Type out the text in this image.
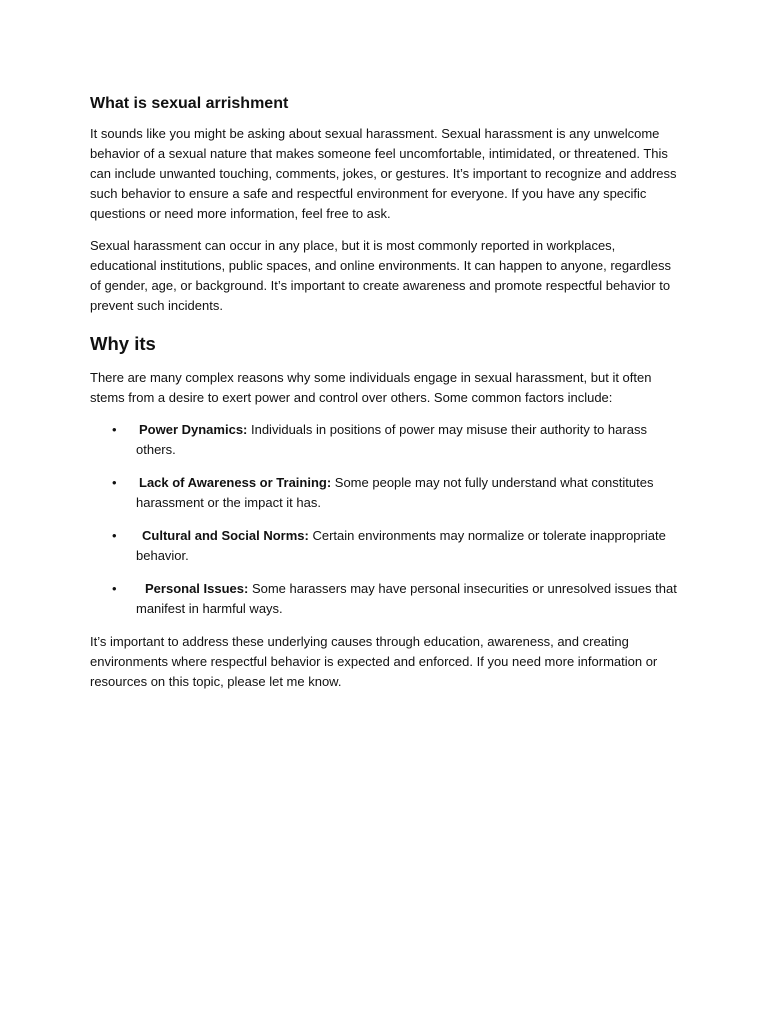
What is sexual arrishment

It sounds like you might be asking about sexual harassment. Sexual harassment is any unwelcome behavior of a sexual nature that makes someone feel uncomfortable, intimidated, or threatened. This can include unwanted touching, comments, jokes, or gestures. It’s important to recognize and address such behavior to ensure a safe and respectful environment for everyone. If you have any specific questions or need more information, feel free to ask.

Sexual harassment can occur in any place, but it is most commonly reported in workplaces, educational institutions, public spaces, and online environments. It can happen to anyone, regardless of gender, age, or background. It’s important to create awareness and promote respectful behavior to prevent such incidents.

Why its

There are many complex reasons why some individuals engage in sexual harassment, but it often stems from a desire to exert power and control over others. Some common factors include:

• Power Dynamics: Individuals in positions of power may misuse their authority to harass others.
• Lack of Awareness or Training: Some people may not fully understand what constitutes harassment or the impact it has.
• Cultural and Social Norms: Certain environments may normalize or tolerate inappropriate behavior.
• Personal Issues: Some harassers may have personal insecurities or unresolved issues that manifest in harmful ways.

It’s important to address these underlying causes through education, awareness, and creating environments where respectful behavior is expected and enforced. If you need more information or resources on this topic, please let me know.
